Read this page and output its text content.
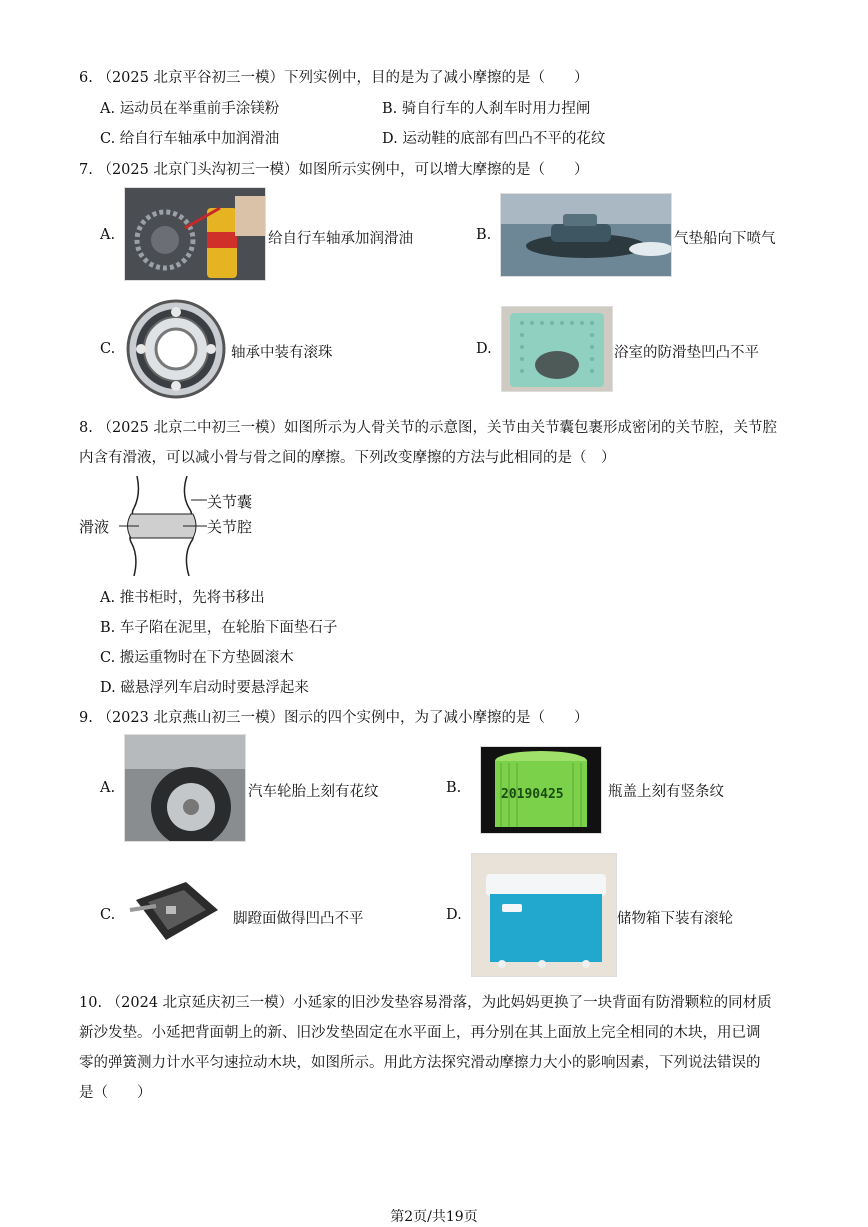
6. （2025 北京平谷初三一模）下列实例中，目的是为了减小摩擦的是（　　）
A. 运动员在举重前手涂镁粉	B. 骑自行车的人刹车时用力捏闸
C. 给自行车轴承中加润滑油	D. 运动鞋的底部有凹凸不平的花纹
7. （2025 北京门头沟初三一模）如图所示实例中，可以增大摩擦的是（　　）
A.	给自行车轴承加润滑油	B.	气垫船向下喷气
C.	轴承中装有滚珠	D.	浴室的防滑垫凹凸不平
8. （2025 北京二中初三一模）如图所示为人骨关节的示意图，关节由关节囊包裹形成密闭的关节腔，关节腔
内含有滑液，可以减小骨与骨之间的摩擦。下列改变摩擦的方法与此相同的是（　）
滑液
关节囊
关节腔
A. 推书柜时，先将书移出
B. 车子陷在泥里，在轮胎下面垫石子
C. 搬运重物时在下方垫圆滚木
D. 磁悬浮列车启动时要悬浮起来
9. （2023 北京燕山初三一模）图示的四个实例中，为了减小摩擦的是（　　）
A.	汽车轮胎上刻有花纹	B.	20190425	瓶盖上刻有竖条纹
C.	脚蹬面做得凹凸不平	D.	储物箱下装有滚轮
10. （2024 北京延庆初三一模）小延家的旧沙发垫容易滑落，为此妈妈更换了一块背面有防滑颗粒的同材质
新沙发垫。小延把背面朝上的新、旧沙发垫固定在水平面上，再分别在其上面放上完全相同的木块，用已调
零的弹簧测力计水平匀速拉动木块，如图所示。用此方法探究滑动摩擦力大小的影响因素，下列说法错误的
是（　　）
第2页/共19页
